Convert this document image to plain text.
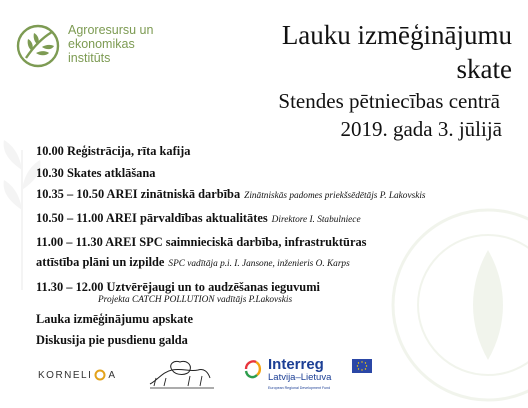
Agroresursu un
ekonomikas
institūts
Lauku izmēģinājumu
skate
Stendes pētniecības centrā
2019. gada 3. jūlijā
10.00 Reģistrācija, rīta kafija
10.30 Skates atklāšana
10.35 – 10.50 AREI zinātniskā darbība Zinātniskās padomes priekšsēdētājs P. Lakovskis
10.50 – 11.00 AREI pārvaldības aktualitātes Direktore I. Stabulniece
11.00 – 11.30 AREI SPC saimnieciskā darbība, infrastruktūras
attīstība plāni un izpilde SPC vadītāja p.i. I. Jansone, inženieris O. Karps
11.30 – 12.00 Uztvērējaugi un to audzēšanas ieguvumi
Projekta CATCH POLLUTION vadītājs P.Lakovskis
Lauka izmēģinājumu apskate
Diskusija pie pusdienu galda
KORNELI A
Interreg
Latvija–Lietuva
European Regional Development Fund
